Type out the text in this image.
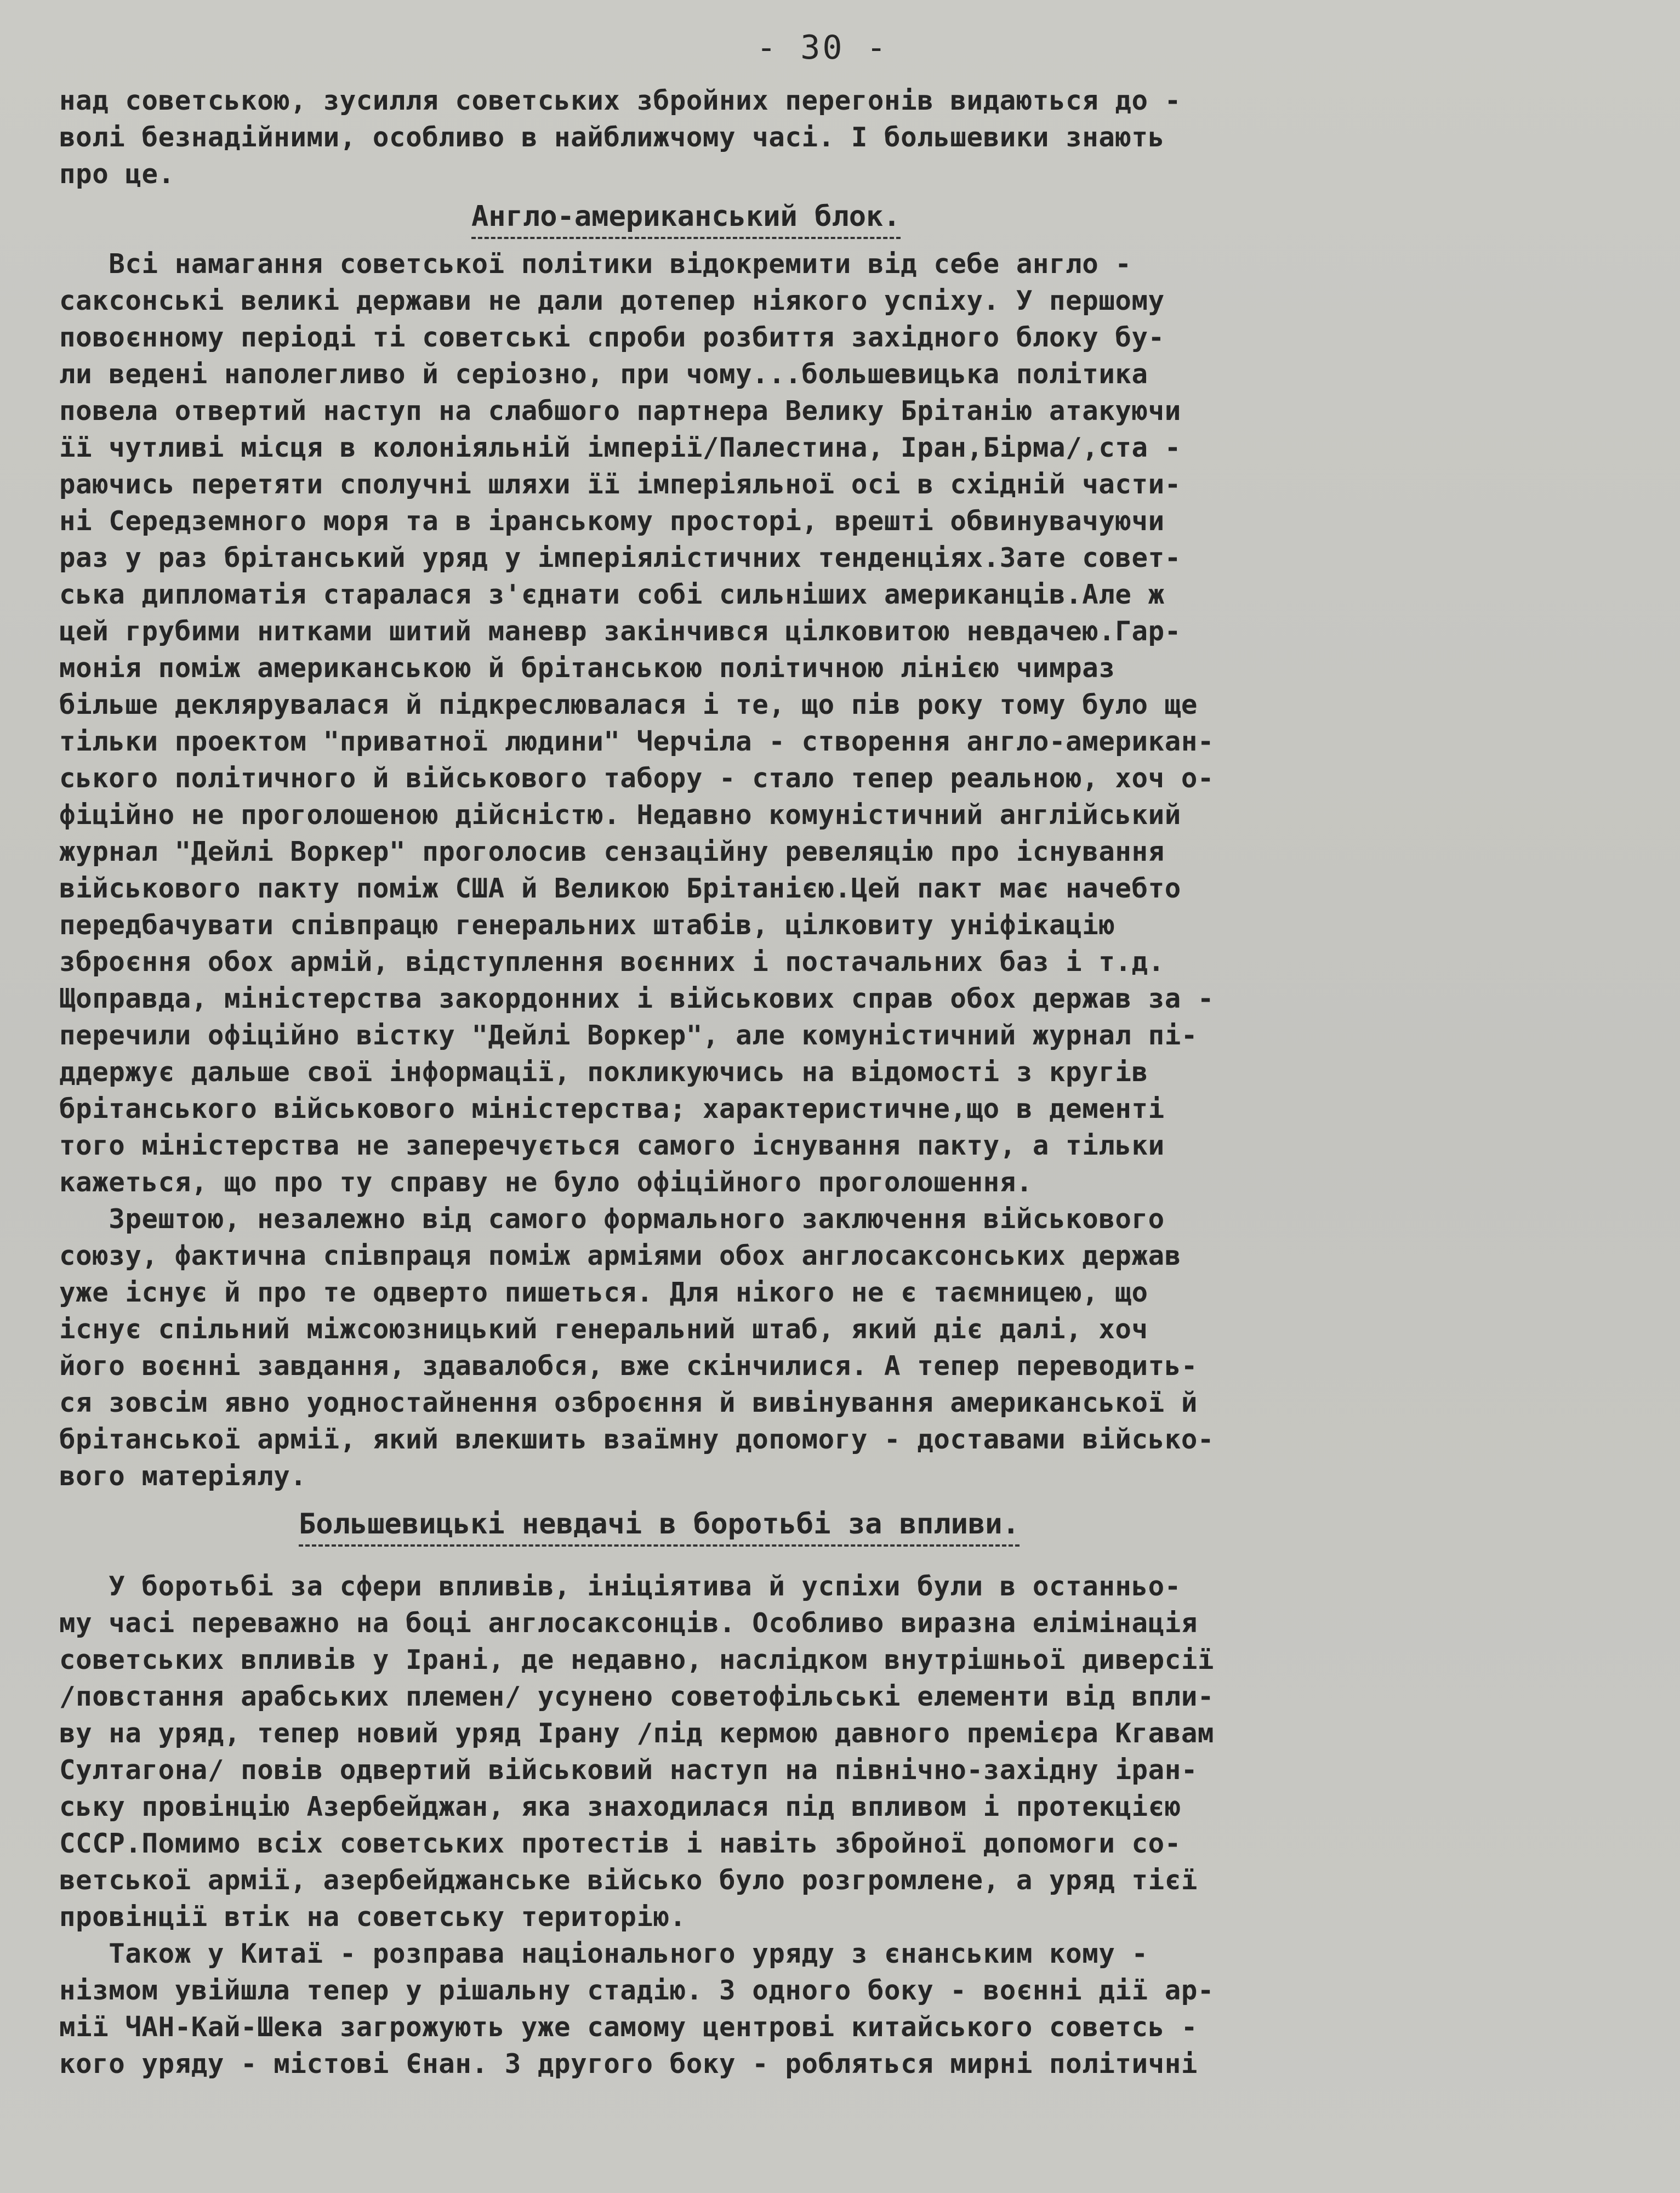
- 30 -
над советською, зусилля советських збройних перегонів видаються до -
волі безнадійними, особливо в найближчому часі. І большевики знають
про це.
Англо-американський блок.
Всі намагання советської політики відокремити від себе англо -
саксонські великі держави не дали дотепер ніякого успіху. У першому
повоєнному періоді ті советські спроби розбиття західного блоку бу-
ли ведені наполегливо й серіозно, при чому...большевицька політика
повела отвертий наступ на слабшого партнера Велику Брітанію атакуючи
її чутливі місця в колоніяльній імперії/Палестина, Іран,Бірма/,ста -
раючись перетяти сполучні шляхи її імперіяльної осі в східній части-
ні Середземного моря та в іранському просторі, врешті обвинувачуючи
раз у раз брітанський уряд у імперіялістичних тенденціях.Зате совет-
ська дипломатія старалася з'єднати собі сильніших американців.Але ж
цей грубими нитками шитий маневр закінчився цілковитою невдачею.Гар-
монія поміж американською й брітанською політичною лінією чимраз
більше деклярувалася й підкреслювалася і те, що пів року тому було ще
тільки проектом "приватної людини" Черчіла - створення англо-американ-
ського політичного й військового табору - стало тепер реальною, хоч о-
фіційно не проголошеною дійсністю. Недавно комуністичний англійський
журнал "Дейлі Воркер" проголосив сензаційну ревеляцію про існування
військового пакту поміж США й Великою Брітанією.Цей пакт має начебто
передбачувати співпрацю генеральних штабів, цілковиту уніфікацію
зброєння обох армій, відступлення воєнних і постачальних баз і т.д.
Щоправда, міністерства закордонних і військових справ обох держав за -
перечили офіційно вістку "Дейлі Воркер", але комуністичний журнал пі-
ддержує дальше свої інформації, покликуючись на відомості з кругів
брітанського військового міністерства; характеристичне,що в дементі
того міністерства не заперечується самого існування пакту, а тільки
кажеться, що про ту справу не було офіційного проголошення.
Зрештою, незалежно від самого формального заключення військового
союзу, фактична співпраця поміж арміями обох англосаксонських держав
уже існує й про те одверто пишеться. Для нікого не є таємницею, що
існує спільний міжсоюзницький генеральний штаб, який діє далі, хоч
його воєнні завдання, здавалобся, вже скінчилися. А тепер переводить-
ся зовсім явно уодностайнення озброєння й вивінування американської й
брітанської армії, який влекшить взаїмну допомогу - доставами військо-
вого матеріялу.
Большевицькі невдачі в боротьбі за впливи.
У боротьбі за сфери впливів, ініціятива й успіхи були в останньо-
му часі переважно на боці англосаксонців. Особливо виразна елімінація
советських впливів у Ірані, де недавно, наслідком внутрішньої диверсії
/повстання арабських племен/ усунено советофільські елементи від впли-
ву на уряд, тепер новий уряд Ірану /під кермою давного премієра Кгавам
Султагона/ повів одвертий військовий наступ на північно-західну іран-
ську провінцію Азербейджан, яка знаходилася під впливом і протекцією
СССР.Помимо всіх советських протестів і навіть збройної допомоги со-
ветської армії, азербейджанське військо було розгромлене, а уряд тієї
провінції втік на советську територію.
Також у Китаї - розправа національного уряду з єнанським кому -
нізмом увійшла тепер у рішальну стадію. З одного боку - воєнні дії ар-
мії ЧАН-Кай-Шека загрожують уже самому центрові китайського советсь -
кого уряду - містові Єнан. З другого боку - робляться мирні політичні
